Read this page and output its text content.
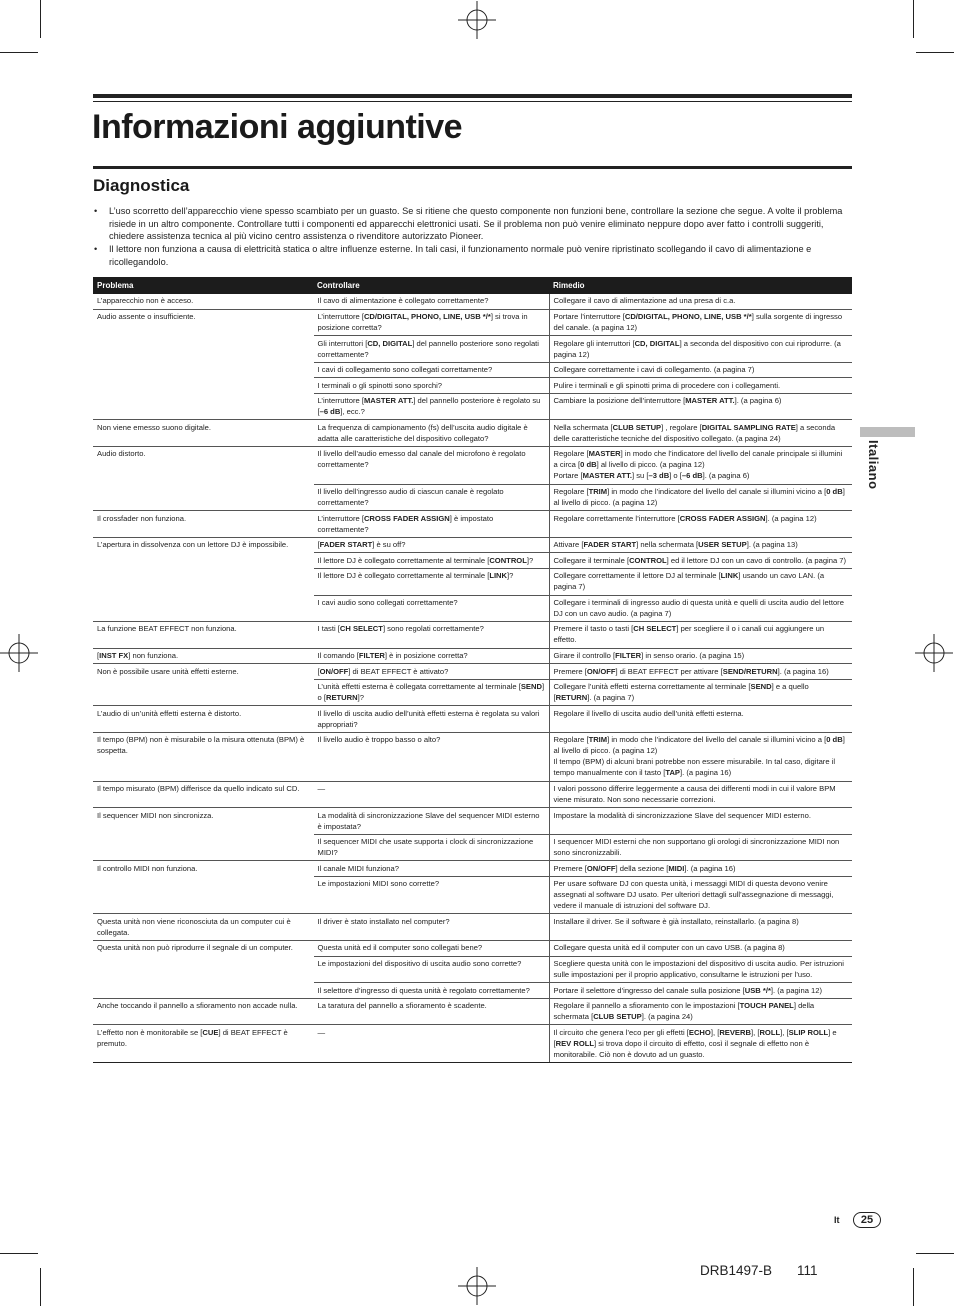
Informazioni aggiuntive
Diagnostica
• L’uso scorretto dell’apparecchio viene spesso scambiato per un guasto. Se si ritiene che questo componente non funzioni bene, controllare la sezione che segue. A volte il problema risiede in un altro componente. Controllare tutti i componenti ed apparecchi elettronici usati. Se il problema non può venire eliminato neppure dopo aver fatto i controlli suggeriti, chiedere assistenza tecnica al più vicino centro assistenza o rivenditore autorizzato Pioneer.
• Il lettore non funziona a causa di elettricità statica o altre influenze esterne. In tali casi, il funzionamento normale può venire ripristinato scollegando il cavo di alimentazione e ricollegandolo.
Problema	Controllare	Rimedio
L’apparecchio non è acceso.	Il cavo di alimentazione è collegato correttamente?	Collegare il cavo di alimentazione ad una presa di c.a.
Audio assente o insufficiente.	L’interruttore [CD/DIGITAL, PHONO, LINE, USB */*] si trova in posizione corretta?	Portare l’interruttore [CD/DIGITAL, PHONO, LINE, USB */*] sulla sorgente di ingresso del canale. (a pagina 12)
	Gli interruttori [CD, DIGITAL] del pannello posteriore sono regolati correttamente?	Regolare gli interruttori [CD, DIGITAL] a seconda del dispositivo con cui riprodurre. (a pagina 12)
	I cavi di collegamento sono collegati correttamente?	Collegare correttamente i cavi di collegamento. (a pagina 7)
	I terminali o gli spinotti sono sporchi?	Pulire i terminali e gli spinotti prima di procedere con i collegamenti.
	L’interruttore [MASTER ATT.] del pannello posteriore è regolato su [–6 dB], ecc.?	Cambiare la posizione dell’interruttore [MASTER ATT.]. (a pagina 6)
Non viene emesso suono digitale.	La frequenza di campionamento (fs) dell’uscita audio digitale è adatta alle caratteristiche del dispositivo collegato?	Nella schermata [CLUB SETUP] , regolare [DIGITAL SAMPLING RATE] a seconda delle caratteristiche tecniche del dispositivo collegato. (a pagina 24)
Audio distorto.	Il livello dell’audio emesso dal canale del microfono è regolato correttamente?	Regolare [MASTER] in modo che l’indicatore del livello del canale principale si illumini a circa [0 dB] al livello di picco. (a pagina 12)
Portare [MASTER ATT.] su [–3 dB] o [–6 dB]. (a pagina 6)
	Il livello dell’ingresso audio di ciascun canale è regolato correttamente?	Regolare [TRIM] in modo che l’indicatore del livello del canale si illumini vicino a [0 dB] al livello di picco. (a pagina 12)
Il crossfader non funziona.	L’interruttore [CROSS FADER ASSIGN] è impostato correttamente?	Regolare correttamente l’interruttore [CROSS FADER ASSIGN]. (a pagina 12)
L’apertura in dissolvenza con un lettore DJ è impossibile.	[FADER START] è su off?	Attivare [FADER START] nella schermata [USER SETUP]. (a pagina 13)
	Il lettore DJ è collegato correttamente al terminale [CONTROL]?	Collegare il terminale [CONTROL] ed il lettore DJ con un cavo di controllo. (a pagina 7)
	Il lettore DJ è collegato correttamente al terminale [LINK]?	Collegare correttamente il lettore DJ al terminale [LINK] usando un cavo LAN. (a pagina 7)
	I cavi audio sono collegati correttamente?	Collegare i terminali di ingresso audio di questa unità e quelli di uscita audio del lettore DJ con un cavo audio. (a pagina 7)
La funzione BEAT EFFECT non funziona.	I tasti [CH SELECT] sono regolati correttamente?	Premere il tasto o tasti [CH SELECT] per scegliere il o i canali cui aggiungere un effetto.
[INST FX] non funziona.	Il comando [FILTER] è in posizione corretta?	Girare il controllo [FILTER] in senso orario. (a pagina 15)
Non è possibile usare unità effetti esterne.	[ON/OFF] di BEAT EFFECT è attivato?	Premere [ON/OFF] di BEAT EFFECT per attivare [SEND/RETURN]. (a pagina 16)
	L’unità effetti esterna è collegata correttamente al terminale [SEND] o [RETURN]?	Collegare l’unità effetti esterna correttamente al terminale [SEND] e a quello [RETURN]. (a pagina 7)
L’audio di un’unità effetti esterna è distorto.	Il livello di uscita audio dell’unità effetti esterna è regolata su valori appropriati?	Regolare il livello di uscita audio dell’unità effetti esterna.
Il tempo (BPM) non è misurabile o la misura ottenuta (BPM) è sospetta.	Il livello audio è troppo basso o alto?	Regolare [TRIM] in modo che l’indicatore del livello del canale si illumini vicino a [0 dB] al livello di picco. (a pagina 12)
Il tempo (BPM) di alcuni brani potrebbe non essere misurabile. In tal caso, digitare il tempo manualmente con il tasto [TAP]. (a pagina 16)
Il tempo misurato (BPM) differisce da quello indicato sul CD.	—	I valori possono differire leggermente a causa dei differenti modi in cui il valore BPM viene misurato. Non sono necessarie correzioni.
Il sequencer MIDI non sincronizza.	La modalità di sincronizzazione Slave del sequencer MIDI esterno è impostata?	Impostare la modalità di sincronizzazione Slave del sequencer MIDI esterno.
	Il sequencer MIDI che usate supporta i clock di sincronizzazione MIDI?	I sequencer MIDI esterni che non supportano gli orologi di sincronizzazione MIDI non sono sincronizzabili.
Il controllo MIDI non funziona.	Il canale MIDI funziona?	Premere [ON/OFF] della sezione [MIDI]. (a pagina 16)
	Le impostazioni MIDI sono corrette?	Per usare software DJ con questa unità, i messaggi MIDI di questa devono venire assegnati al software DJ usato. Per ulteriori dettagli sull’assegnazione di messaggi, vedere il manuale di istruzioni del software DJ.
Questa unità non viene riconosciuta da un computer cui è collegata.	Il driver è stato installato nel computer?	Installare il driver. Se il software è già installato, reinstallarlo. (a pagina 8)
Questa unità non può riprodurre il segnale di un computer.	Questa unità ed il computer sono collegati bene?	Collegare questa unità ed il computer con un cavo USB. (a pagina 8)
	Le impostazioni del dispositivo di uscita audio sono corrette?	Scegliere questa unità con le impostazioni del dispositivo di uscita audio. Per istruzioni sulle impostazioni per il proprio applicativo, consultarne le istruzioni per l’uso.
	Il selettore d’ingresso di questa unità è regolato correttamente?	Portare il selettore d’ingresso del canale sulla posizione [USB */*]. (a pagina 12)
Anche toccando il pannello a sfioramento non accade nulla.	La taratura del pannello a sfioramento è scadente.	Regolare il pannello a sfioramento con le impostazioni [TOUCH PANEL] della schermata [CLUB SETUP]. (a pagina 24)
L’effetto non è monitorabile se [CUE] di BEAT EFFECT è premuto.	—	Il circuito che genera l’eco per gli effetti [ECHO], [REVERB], [ROLL], [SLIP ROLL] e [REV ROLL] si trova dopo il circuito di effetto, così il segnale di effetto non è monitorabile. Ciò non è dovuto ad un guasto.
Italiano
It	25
DRB1497-B 111
